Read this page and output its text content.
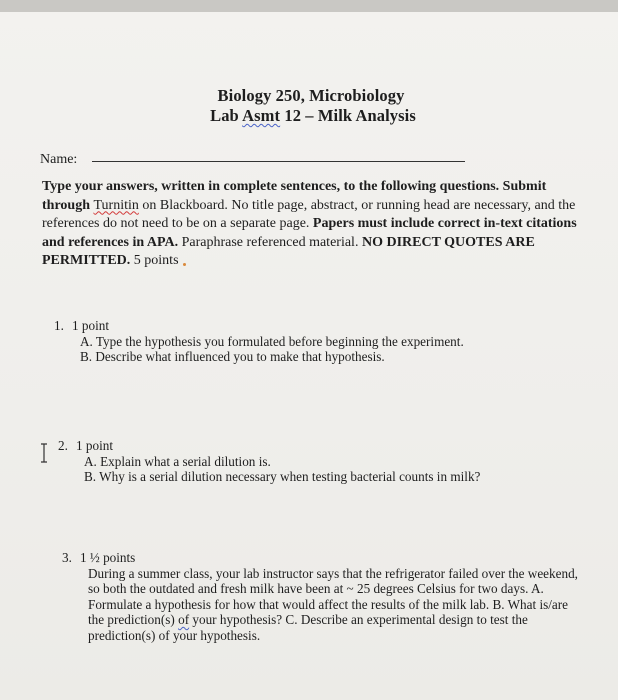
Biology 250, Microbiology
Lab Asmt 12 – Milk Analysis
Name:
Type your answers, written in complete sentences, to the following questions. Submit through Turnitin on Blackboard. No title page, abstract, or running head are necessary, and the references do not need to be on a separate page. Papers must include correct in-text citations and references in APA. Paraphrase referenced material. NO DIRECT QUOTES ARE PERMITTED. 5 points
1. 1 point
A. Type the hypothesis you formulated before beginning the experiment.
B. Describe what influenced you to make that hypothesis.
2. 1 point
A. Explain what a serial dilution is.
B. Why is a serial dilution necessary when testing bacterial counts in milk?
3. 1 ½ points
During a summer class, your lab instructor says that the refrigerator failed over the weekend, so both the outdated and fresh milk have been at ~ 25 degrees Celsius for two days. A. Formulate a hypothesis for how that would affect the results of the milk lab. B. What is/are the prediction(s) of your hypothesis? C. Describe an experimental design to test the prediction(s) of your hypothesis.
